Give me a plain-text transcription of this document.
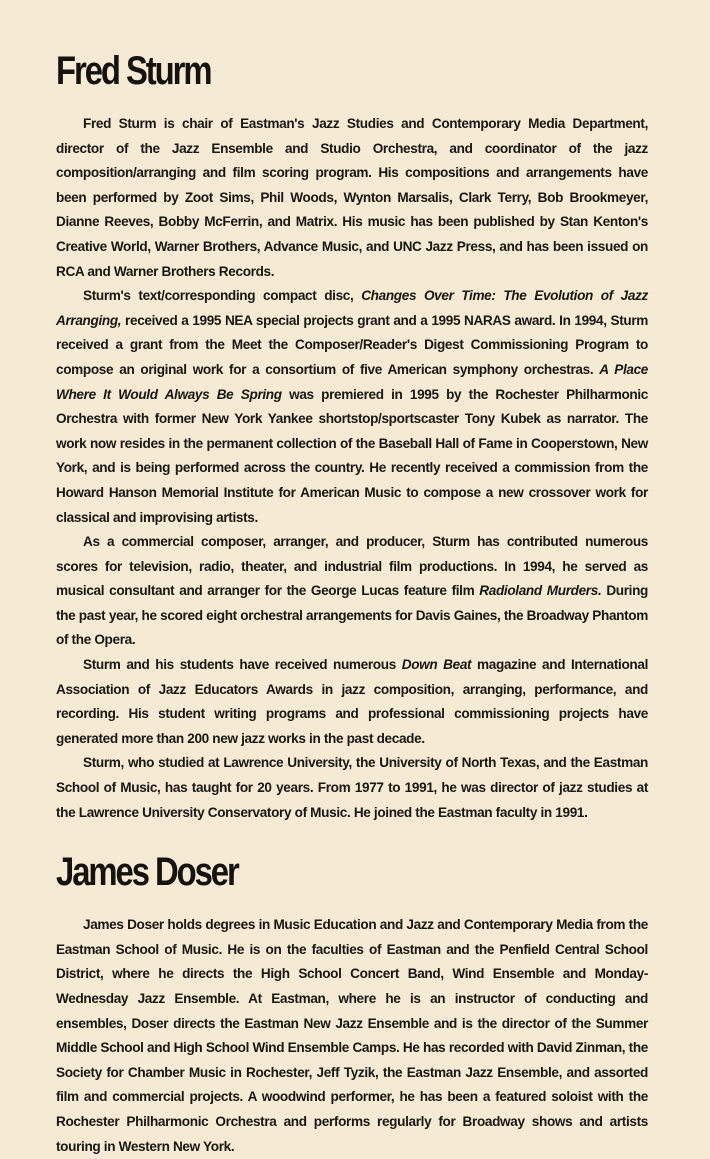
Fred Sturm

Fred Sturm is chair of Eastman's Jazz Studies and Contemporary Media Department, director of the Jazz Ensemble and Studio Orchestra, and coordinator of the jazz composition/arranging and film scoring program. His compositions and arrangements have been performed by Zoot Sims, Phil Woods, Wynton Marsalis, Clark Terry, Bob Brookmeyer, Dianne Reeves, Bobby McFerrin, and Matrix. His music has been published by Stan Kenton's Creative World, Warner Brothers, Advance Music, and UNC Jazz Press, and has been issued on RCA and Warner Brothers Records.

Sturm's text/corresponding compact disc, Changes Over Time: The Evolution of Jazz Arranging, received a 1995 NEA special projects grant and a 1995 NARAS award. In 1994, Sturm received a grant from the Meet the Composer/Reader's Digest Commissioning Program to compose an original work for a consortium of five American symphony orchestras. A Place Where It Would Always Be Spring was premiered in 1995 by the Rochester Philharmonic Orchestra with former New York Yankee shortstop/sportscaster Tony Kubek as narrator. The work now resides in the permanent collection of the Baseball Hall of Fame in Cooperstown, New York, and is being performed across the country. He recently received a commission from the Howard Hanson Memorial Institute for American Music to compose a new crossover work for classical and improvising artists.

As a commercial composer, arranger, and producer, Sturm has contributed numerous scores for television, radio, theater, and industrial film productions. In 1994, he served as musical consultant and arranger for the George Lucas feature film Radioland Murders. During the past year, he scored eight orchestral arrangements for Davis Gaines, the Broadway Phantom of the Opera.

Sturm and his students have received numerous Down Beat magazine and International Association of Jazz Educators Awards in jazz composition, arranging, performance, and recording. His student writing programs and professional commissioning projects have generated more than 200 new jazz works in the past decade.

Sturm, who studied at Lawrence University, the University of North Texas, and the Eastman School of Music, has taught for 20 years. From 1977 to 1991, he was director of jazz studies at the Lawrence University Conservatory of Music. He joined the Eastman faculty in 1991.

James Doser

James Doser holds degrees in Music Education and Jazz and Contemporary Media from the Eastman School of Music. He is on the faculties of Eastman and the Penfield Central School District, where he directs the High School Concert Band, Wind Ensemble and Monday-Wednesday Jazz Ensemble. At Eastman, where he is an instructor of conducting and ensembles, Doser directs the Eastman New Jazz Ensemble and is the director of the Summer Middle School and High School Wind Ensemble Camps. He has recorded with David Zinman, the Society for Chamber Music in Rochester, Jeff Tyzik, the Eastman Jazz Ensemble, and assorted film and commercial projects. A woodwind performer, he has been a featured soloist with the Rochester Philharmonic Orchestra and performs regularly for Broadway shows and artists touring in Western New York.
